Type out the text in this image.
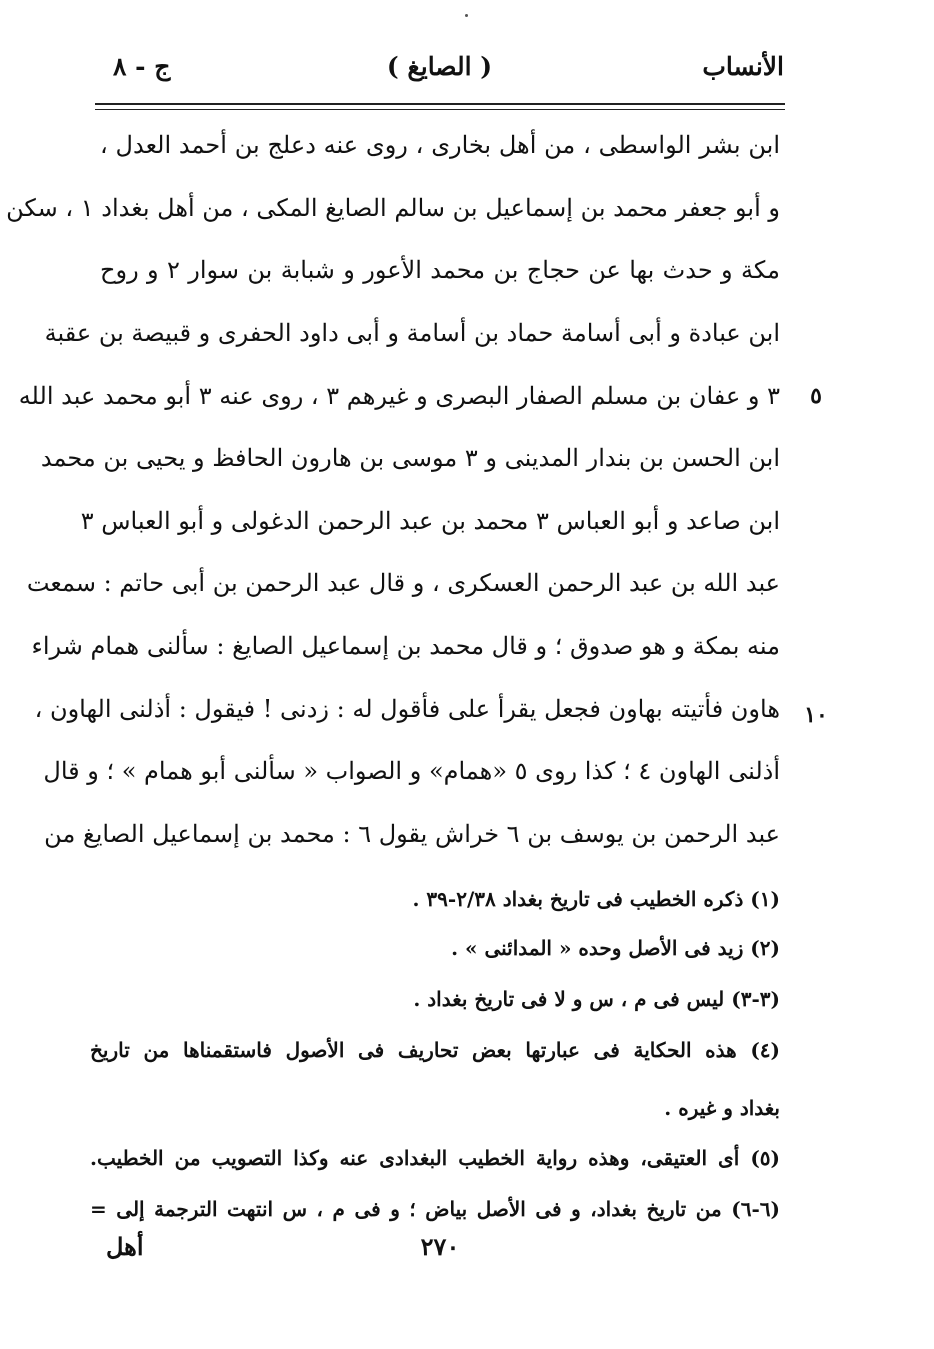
الأنساب
( الصايغ )
ج - ٨
ابن بشر الواسطى ، من أهل بخارى ، روى عنه دعلج بن أحمد العدل ،
و أبو جعفر محمد بن إسماعيل بن سالم الصايغ المكى ، من أهل بغداد ١ ، سكن
مكة و حدث بها عن حجاج بن محمد الأعور و شبابة بن سوار ٢ و روح
ابن عبادة و أبى أسامة حماد بن أسامة و أبى داود الحفرى و قبيصة بن عقبة
٣ و عفان بن مسلم الصفار البصرى و غيرهم ٣ ، روى عنه ٣ أبو محمد عبد الله	٥
ابن الحسن بن بندار المدينى و ٣ موسى بن هارون الحافظ و يحيى بن محمد
ابن صاعد و أبو العباس ٣ محمد بن عبد الرحمن الدغولى و أبو العباس ٣
عبد الله بن عبد الرحمن العسكرى ، و قال عبد الرحمن بن أبى حاتم : سمعت
منه بمكة و هو صدوق ؛ و قال محمد بن إسماعيل الصايغ : سألنى همام شراء
هاون فأتيته بهاون فجعل يقرأ على فأقول له : زدنى ! فيقول : أذلنى الهاون ، ١٠
أذلنى الهاون ٤ ؛ كذا روى ٥ «همام» و الصواب « سألنى أبو همام » ؛ و قال
عبد الرحمن بن يوسف بن ٦ خراش يقول ٦ : محمد بن إسماعيل الصايغ من
(١) ذكره الخطيب فى تاريخ بغداد ٢/٣٨-٣٩ .
(٢) زيد فى الأصل وحده « المدائنى » .
(٣-٣) ليس فى م ، س و لا فى تاريخ بغداد .
(٤) هذه الحكاية فى عبارتها بعض تحاريف فى الأصول فاستقمناها من تاريخ
بغداد و غيره .
(٥) أى العتيقى، وهذه رواية الخطيب البغدادى عنه وكذا التصويب من الخطيب.
(٦-٦) من تاريخ بغداد، و فى الأصل بياض ؛ و فى م ، س انتهت الترجمة إلى =
أهل	٢٧٠
